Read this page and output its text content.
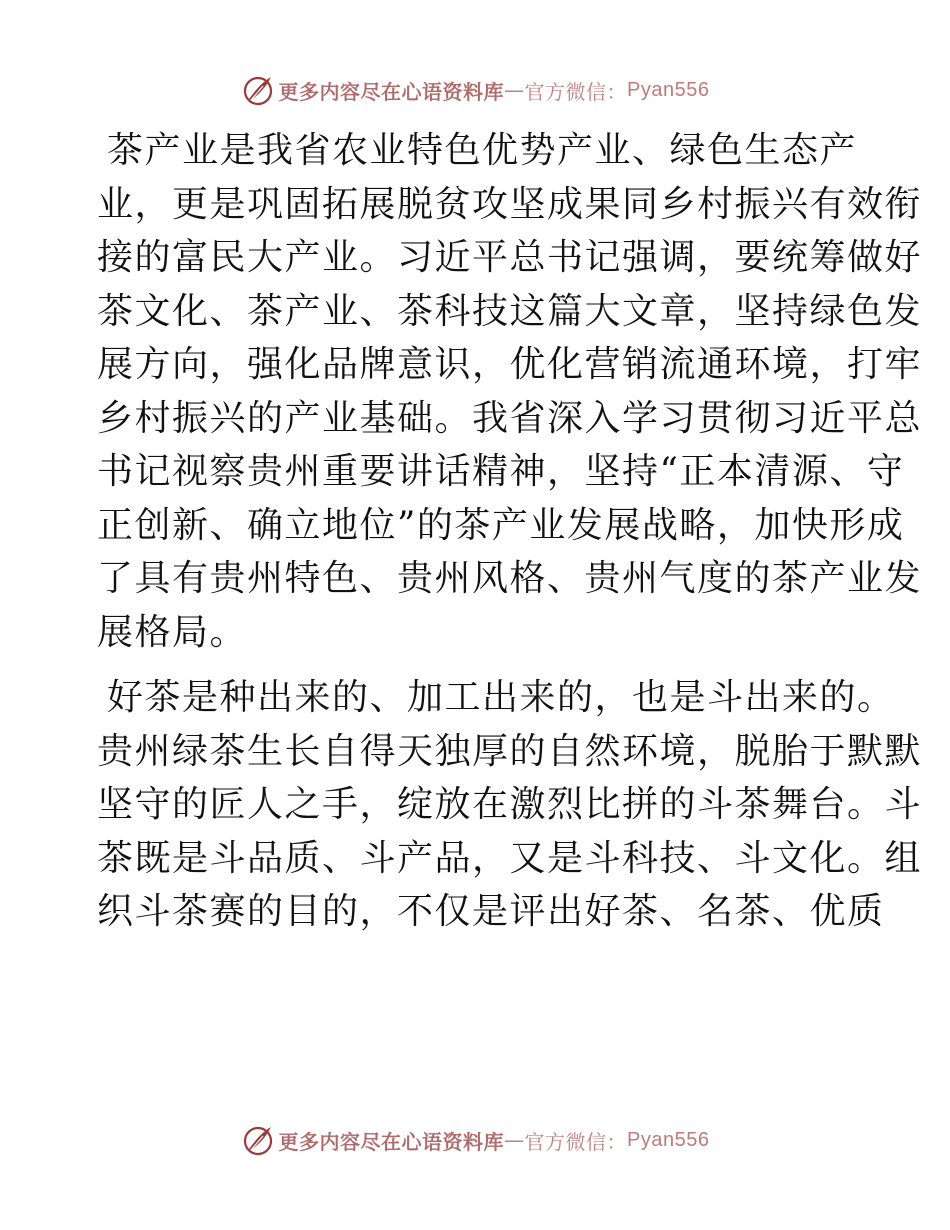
更多内容尽在心语资料库 — 官方微信： Pyan556

茶产业是我省农业特色优势产业、绿色生态产
业，更是巩固拓展脱贫攻坚成果同乡村振兴有效衔
接的富民大产业。习近平总书记强调，要统筹做好
茶文化、茶产业、茶科技这篇大文章，坚持绿色发
展方向，强化品牌意识，优化营销流通环境，打牢
乡村振兴的产业基础。我省深入学习贯彻习近平总
书记视察贵州重要讲话精神，坚持“正本清源、守
正创新、确立地位”的茶产业发展战略，加快形成
了具有贵州特色、贵州风格、贵州气度的茶产业发
展格局。

好茶是种出来的、加工出来的，也是斗出来的。
贵州绿茶生长自得天独厚的自然环境，脱胎于默默
坚守的匠人之手，绽放在激烈比拼的斗茶舞台。斗
茶既是斗品质、斗产品，又是斗科技、斗文化。组
织斗茶赛的目的，不仅是评出好茶、名茶、优质

更多内容尽在心语资料库 — 官方微信： Pyan556
